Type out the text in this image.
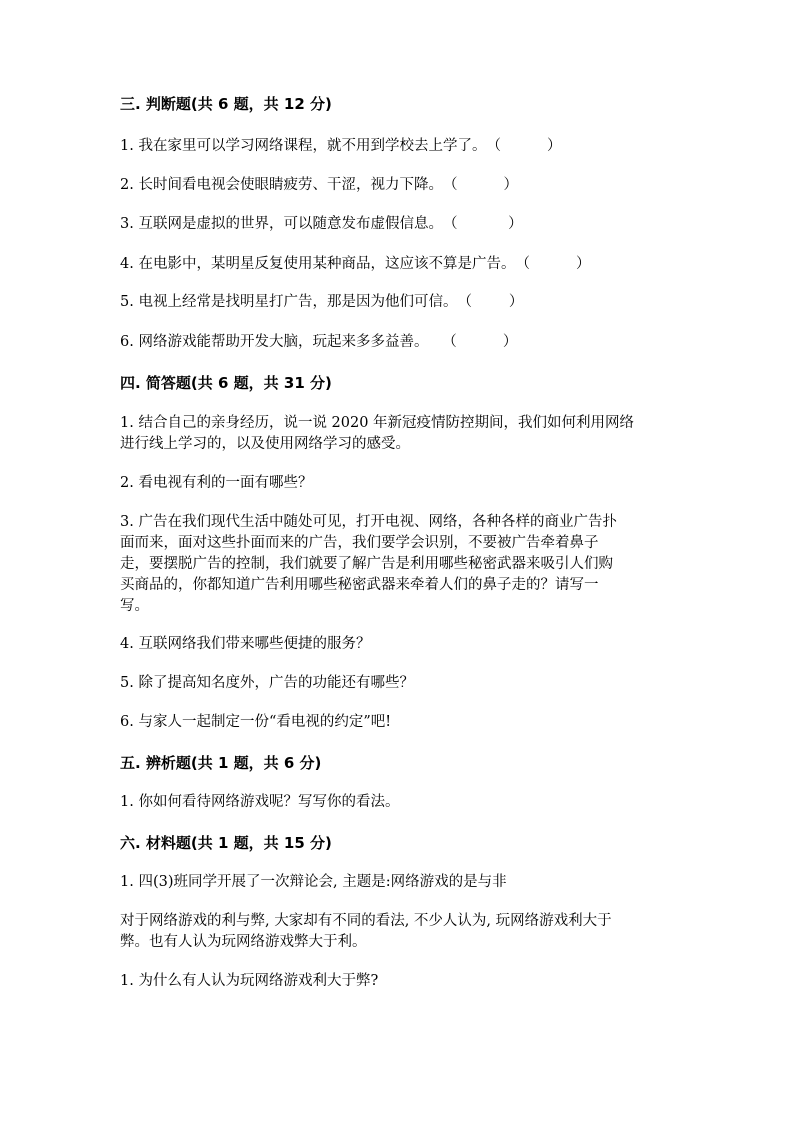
三. 判断题(共 6 题，共 12 分)
1. 我在家里可以学习网络课程，就不用到学校去上学了。（          ）
2. 长时间看电视会使眼睛疲劳、干涩，视力下降。（          ）
3. 互联网是虚拟的世界，可以随意发布虚假信息。（           ）
4. 在电影中，某明星反复使用某种商品，这应该不算是广告。（          ）
5. 电视上经常是找明星打广告，那是因为他们可信。（        ）
6. 网络游戏能帮助开发大脑，玩起来多多益善。   （          ）
四. 简答题(共 6 题，共 31 分)
1. 结合自己的亲身经历，说一说 2020 年新冠疫情防控期间，我们如何利用网络
进行线上学习的，以及使用网络学习的感受。
2. 看电视有利的一面有哪些？
3. 广告在我们现代生活中随处可见，打开电视、网络，各种各样的商业广告扑
面而来，面对这些扑面而来的广告，我们要学会识别，不要被广告牵着鼻子
走，要摆脱广告的控制，我们就要了解广告是利用哪些秘密武器来吸引人们购
买商品的，你都知道广告利用哪些秘密武器来牵着人们的鼻子走的？请写一
写。
4. 互联网络我们带来哪些便捷的服务？
5. 除了提高知名度外，广告的功能还有哪些？
6. 与家人一起制定一份“看电视的约定”吧!
五. 辨析题(共 1 题，共 6 分)
1. 你如何看待网络游戏呢？写写你的看法。
六. 材料题(共 1 题，共 15 分)
1. 四(3)班同学开展了一次辩论会, 主题是:网络游戏的是与非
对于网络游戏的利与弊, 大家却有不同的看法, 不少人认为, 玩网络游戏利大于
弊。也有人认为玩网络游戏弊大于利。
1. 为什么有人认为玩网络游戏利大于弊?
